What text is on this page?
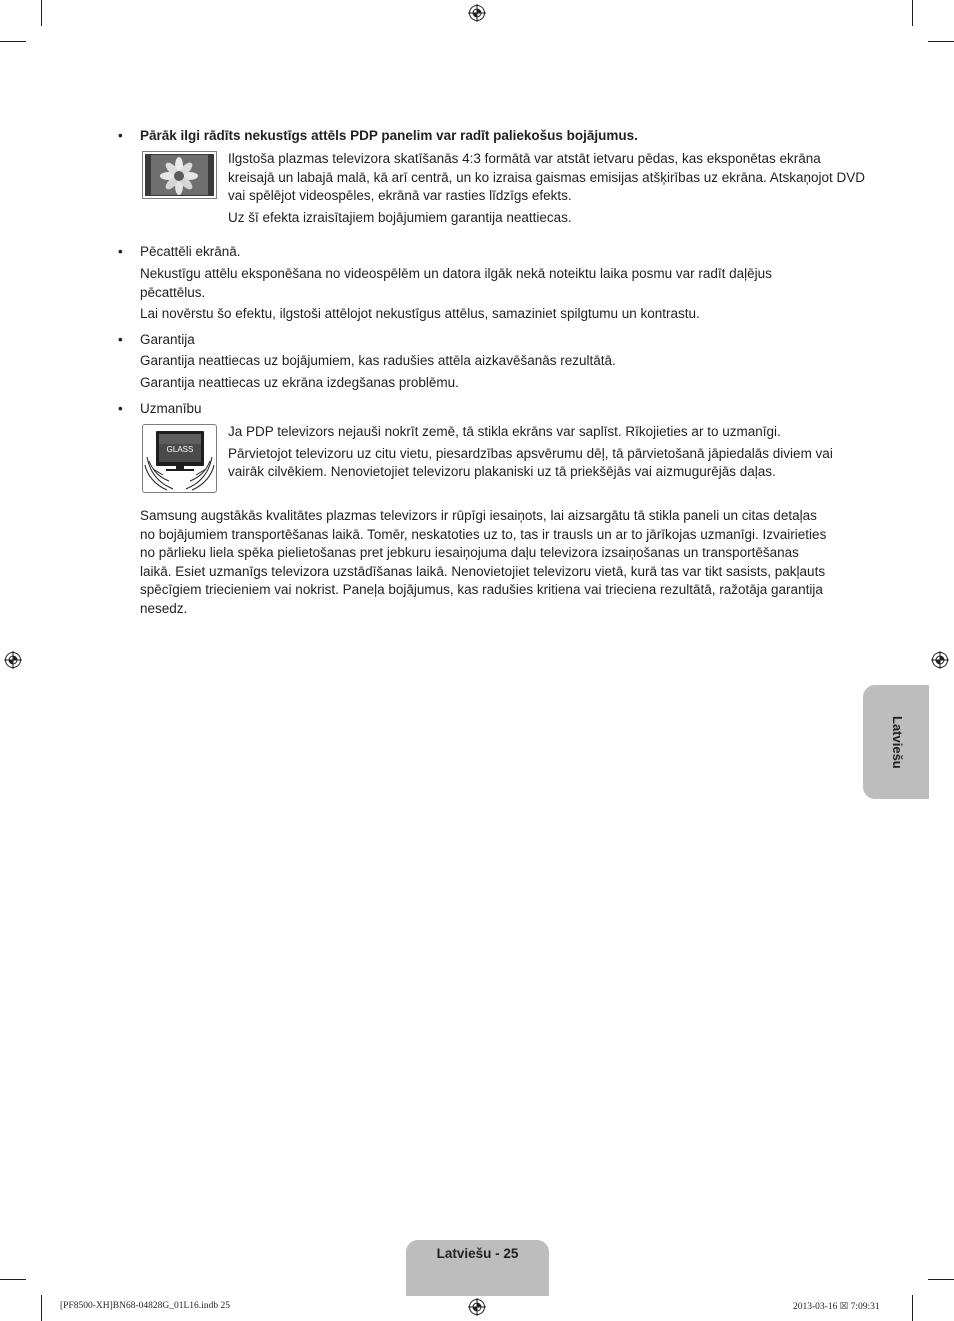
•	Pārāk ilgi rādīts nekustīgs attēls PDP panelim var radīt paliekošus bojājumus.
Ilgstoša plazmas televizora skatīšanās 4:3 formātā var atstāt ietvaru pēdas, kas eksponētas ekrāna
kreisajā un labajā malā, kā arī centrā, un ko izraisa gaismas emisijas atšķirības uz ekrāna. Atskaņojot DVD
vai spēlējot videospēles, ekrānā var rasties līdzīgs efekts.
Uz šī efekta izraisītajiem bojājumiem garantija neattiecas.
•	Pēcattēli ekrānā.
Nekustīgu attēlu eksponēšana no videospēlēm un datora ilgāk nekā noteiktu laika posmu var radīt daļējus
pēcattēlus.
Lai novērstu šo efektu, ilgstoši attēlojot nekustīgus attēlus, samaziniet spilgtumu un kontrastu.
•	Garantija
Garantija neattiecas uz bojājumiem, kas radušies attēla aizkavēšanās rezultātā.
Garantija neattiecas uz ekrāna izdegšanas problēmu.
•	Uzmanību
GLASS
Ja PDP televizors nejauši nokrīt zemē, tā stikla ekrāns var saplīst. Rīkojieties ar to uzmanīgi.
Pārvietojot televizoru uz citu vietu, piesardzības apsvērumu dēļ, tā pārvietošanā jāpiedalās diviem vai
vairāk cilvēkiem. Nenovietojiet televizoru plakaniski uz tā priekšējās vai aizmugurējās daļas.
Samsung augstākās kvalitātes plazmas televizors ir rūpīgi iesaiņots, lai aizsargātu tā stikla paneli un citas detaļas
no bojājumiem transportēšanas laikā. Tomēr, neskatoties uz to, tas ir trausls un ar to jārīkojas uzmanīgi. Izvairieties
no pārlieku liela spēka pielietošanas pret jebkuru iesaiņojuma daļu televizora izsaiņošanas un transportēšanas
laikā. Esiet uzmanīgs televizora uzstādīšanas laikā. Nenovietojiet televizoru vietā, kurā tas var tikt sasists, pakļauts
spēcīgiem triecieniem vai nokrist. Paneļa bojājumus, kas radušies kritiena vai trieciena rezultātā, ražotāja garantija
nesedz.
Latviešu
Latviešu - 25
[PF8500-XH]BN68-04828G_01L16.indb 25	2013-03-16 ☒ 7:09:31
